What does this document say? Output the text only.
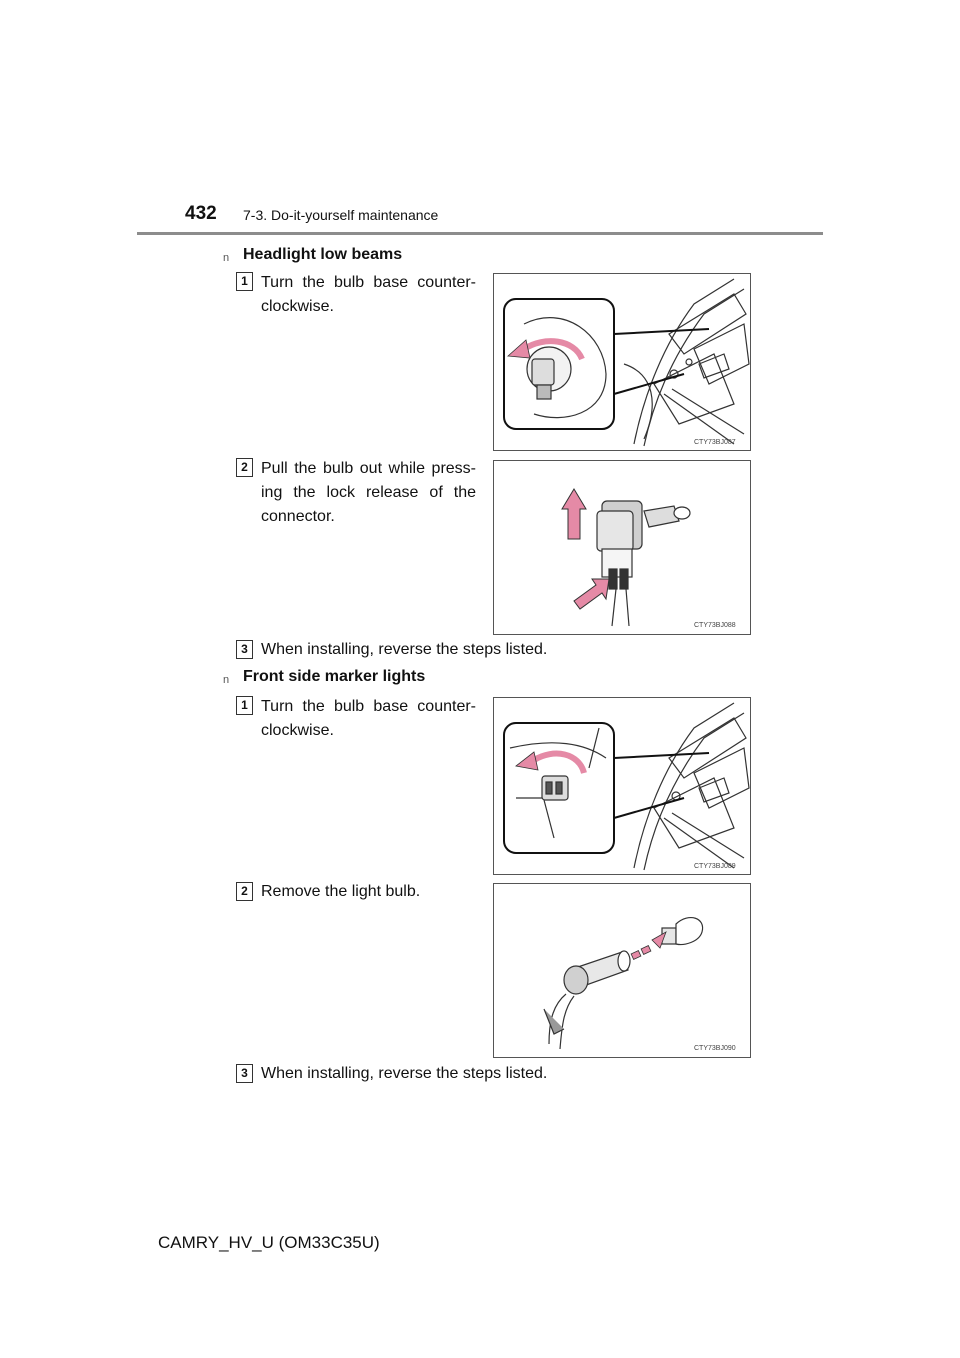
432 7-3. Do-it-yourself maintenance
n Headlight low beams
1 Turn the bulb base counter-clockwise.
CTY73BJ087
2 Pull the bulb out while press-ing the lock release of the connector.
CTY73BJ088
3 When installing, reverse the steps listed.
n Front side marker lights
1 Turn the bulb base counter-clockwise.
CTY73BJ089
2 Remove the light bulb.
CTY73BJ090
3 When installing, reverse the steps listed.
CAMRY_HV_U (OM33C35U)
